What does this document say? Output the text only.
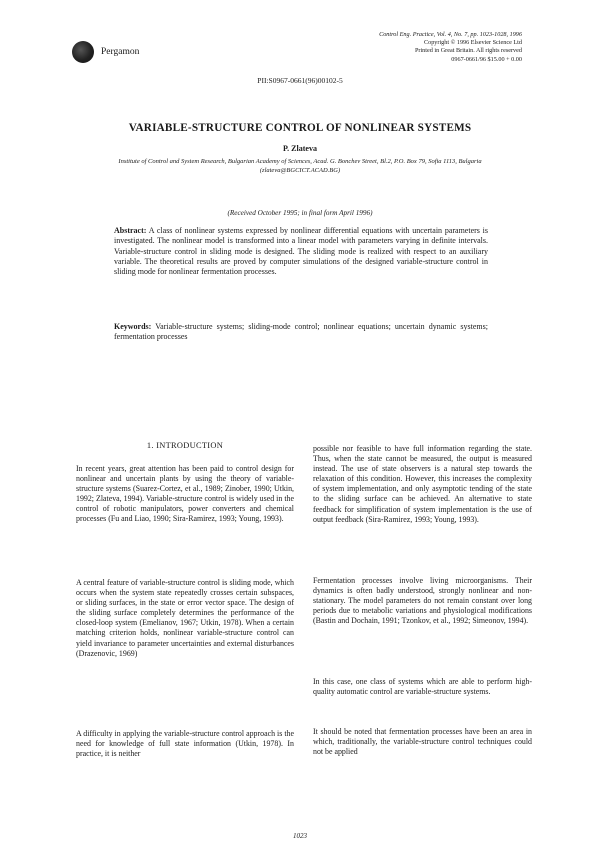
Pergamon
Control Eng. Practice, Vol. 4, No. 7, pp. 1023-1028, 1996
Copyright © 1996 Elsevier Science Ltd
Printed in Great Britain. All rights reserved
0967-0661/96 $15.00 + 0.00
PII:S0967-0661(96)00102-5
VARIABLE-STRUCTURE CONTROL OF NONLINEAR SYSTEMS
P. Zlateva
Institute of Control and System Research, Bulgarian Academy of Sciences, Acad. G. Bonchev Street, Bl.2, P.O. Box 79, Sofia 1113, Bulgaria (zlateva@BGCICT.ACAD.BG)
(Received October 1995; in final form April 1996)
Abstract: A class of nonlinear systems expressed by nonlinear differential equations with uncertain parameters is investigated. The nonlinear model is transformed into a linear model with parameters varying in definite intervals. Variable-structure control in sliding mode is designed. The sliding mode is realized with respect to an auxiliary variable. The theoretical results are proved by computer simulations of the designed variable-structure control in sliding mode for nonlinear fermentation processes.
Keywords: Variable-structure systems; sliding-mode control; nonlinear equations; uncertain dynamic systems; fermentation processes
1. INTRODUCTION

In recent years, great attention has been paid to control design for nonlinear and uncertain plants by using the theory of variable-structure systems (Suarez-Cortez, et al., 1989; Zinober, 1990; Utkin, 1992; Zlateva, 1994). Variable-structure control is widely used in the control of robotic manipulators, power converters and chemical processes (Fu and Liao, 1990; Sira-Ramirez, 1993; Young, 1993).

A central feature of variable-structure control is sliding mode, which occurs when the system state repeatedly crosses certain subspaces, or sliding surfaces, in the state or error vector space. The design of the sliding surface completely determines the performance of the closed-loop system (Emelianov, 1967; Utkin, 1978). When a certain matching criterion holds, nonlinear variable-structure control can yield invariance to parameter uncertainties and external disturbances (Drazenovic, 1969)

A difficulty in applying the variable-structure control approach is the need for knowledge of full state information (Utkin, 1978). In practice, it is neither

possible nor feasible to have full information regarding the state. Thus, when the state cannot be measured, the output is measured instead. The use of state observers is a natural step towards the relaxation of this condition. However, this increases the complexity of system implementation, and only asymptotic tending of the state to the sliding surface can be achieved. An alternative to state feedback for simplification of system implementation is the use of output feedback (Sira-Ramirez, 1993; Young, 1993).

Fermentation processes involve living microorganisms. Their dynamics is often badly understood, strongly nonlinear and non-stationary. The model parameters do not remain constant over long periods due to metabolic variations and physiological modifications (Bastin and Dochain, 1991; Tzonkov, et al., 1992; Simeonov, 1994).

In this case, one class of systems which are able to perform high-quality automatic control are variable-structure systems.

It should be noted that fermentation processes have been an area in which, traditionally, the variable-structure control techniques could not be applied

1023
